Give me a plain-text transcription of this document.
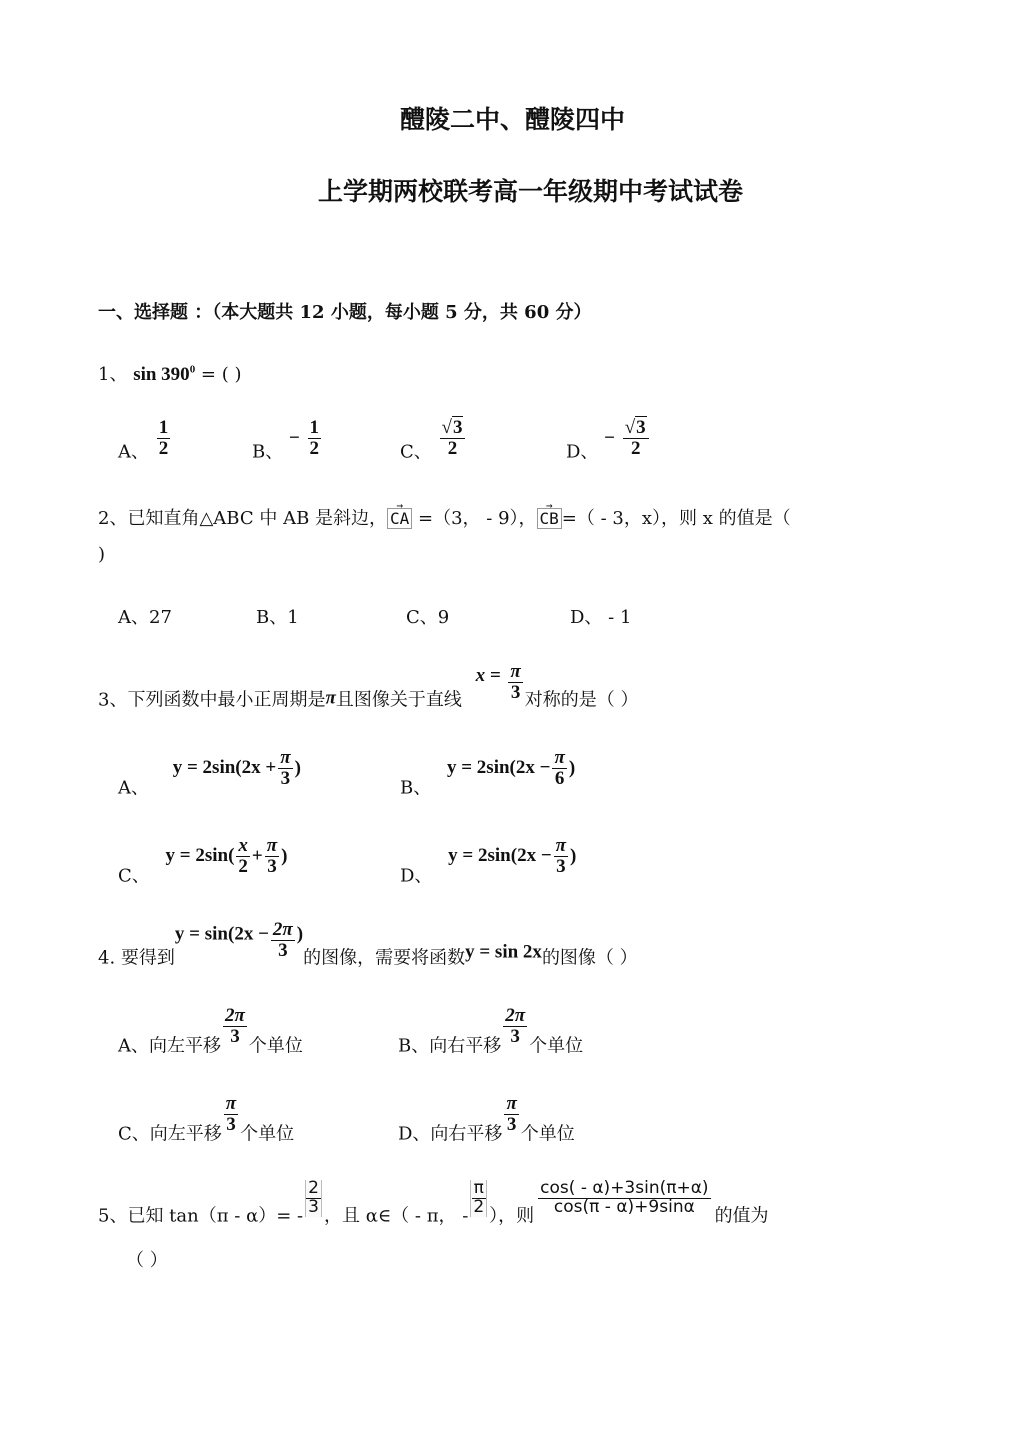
醴陵二中、醴陵四中
上学期两校联考高一年级期中考试试卷
一、选择题 ：（本大题共 12 小题，每小题 5 分，共 60 分）
1、 $\sin 390^0$ = ( )
A、 $\frac{1}{2}$	B、 − $\frac{1}{2}$	C、 $\frac{√3}{2}$	D、 − $\frac{√3}{2}$
2、已知直角△ABC 中 AB 是斜边， → CA =（3， - 9）， → CB =（ - 3，x），则 x 的值是（
)
A、27	B、1	C、9	D、 - 1
3、下列函数中最小正周期是π且图像关于直线 $x = \frac{\pi}{3}$ 对称的是（ ）
A、 $y = 2\sin(2x + \frac{\pi}{3}$ )
B、 $y = 2\sin(2x - \frac{\pi}{6}$ )
C、 $y = 2\sin( \frac{x}{2} + \frac{\pi}{3}$ )
D、 $y = 2\sin(2x - \frac{\pi}{3}$ )
4. 要得到$y = \sin(2x - \frac{2\pi}{3}$ )的图像，需要将函数y = sin 2x的图像（ ）
A、向左平移 $\frac{2\pi}{3}$ 个单位	B、向右平移 $\frac{2\pi}{3}$ 个单位
C、向左平移 $\frac{\pi}{3}$ 个单位	D、向右平移 $\frac{\pi}{3}$ 个单位
5、已知 $\tan(\pi - \alpha)= - \frac{2}{3}$ ，且 α∈（ - π， - $\frac{\pi}{2}$ ），则 $\frac{\cos( - \alpha)+3\sin(\pi+\alpha)}{\cos(\pi - \alpha)+9\sin\alpha}$ 的值为
（ ）
